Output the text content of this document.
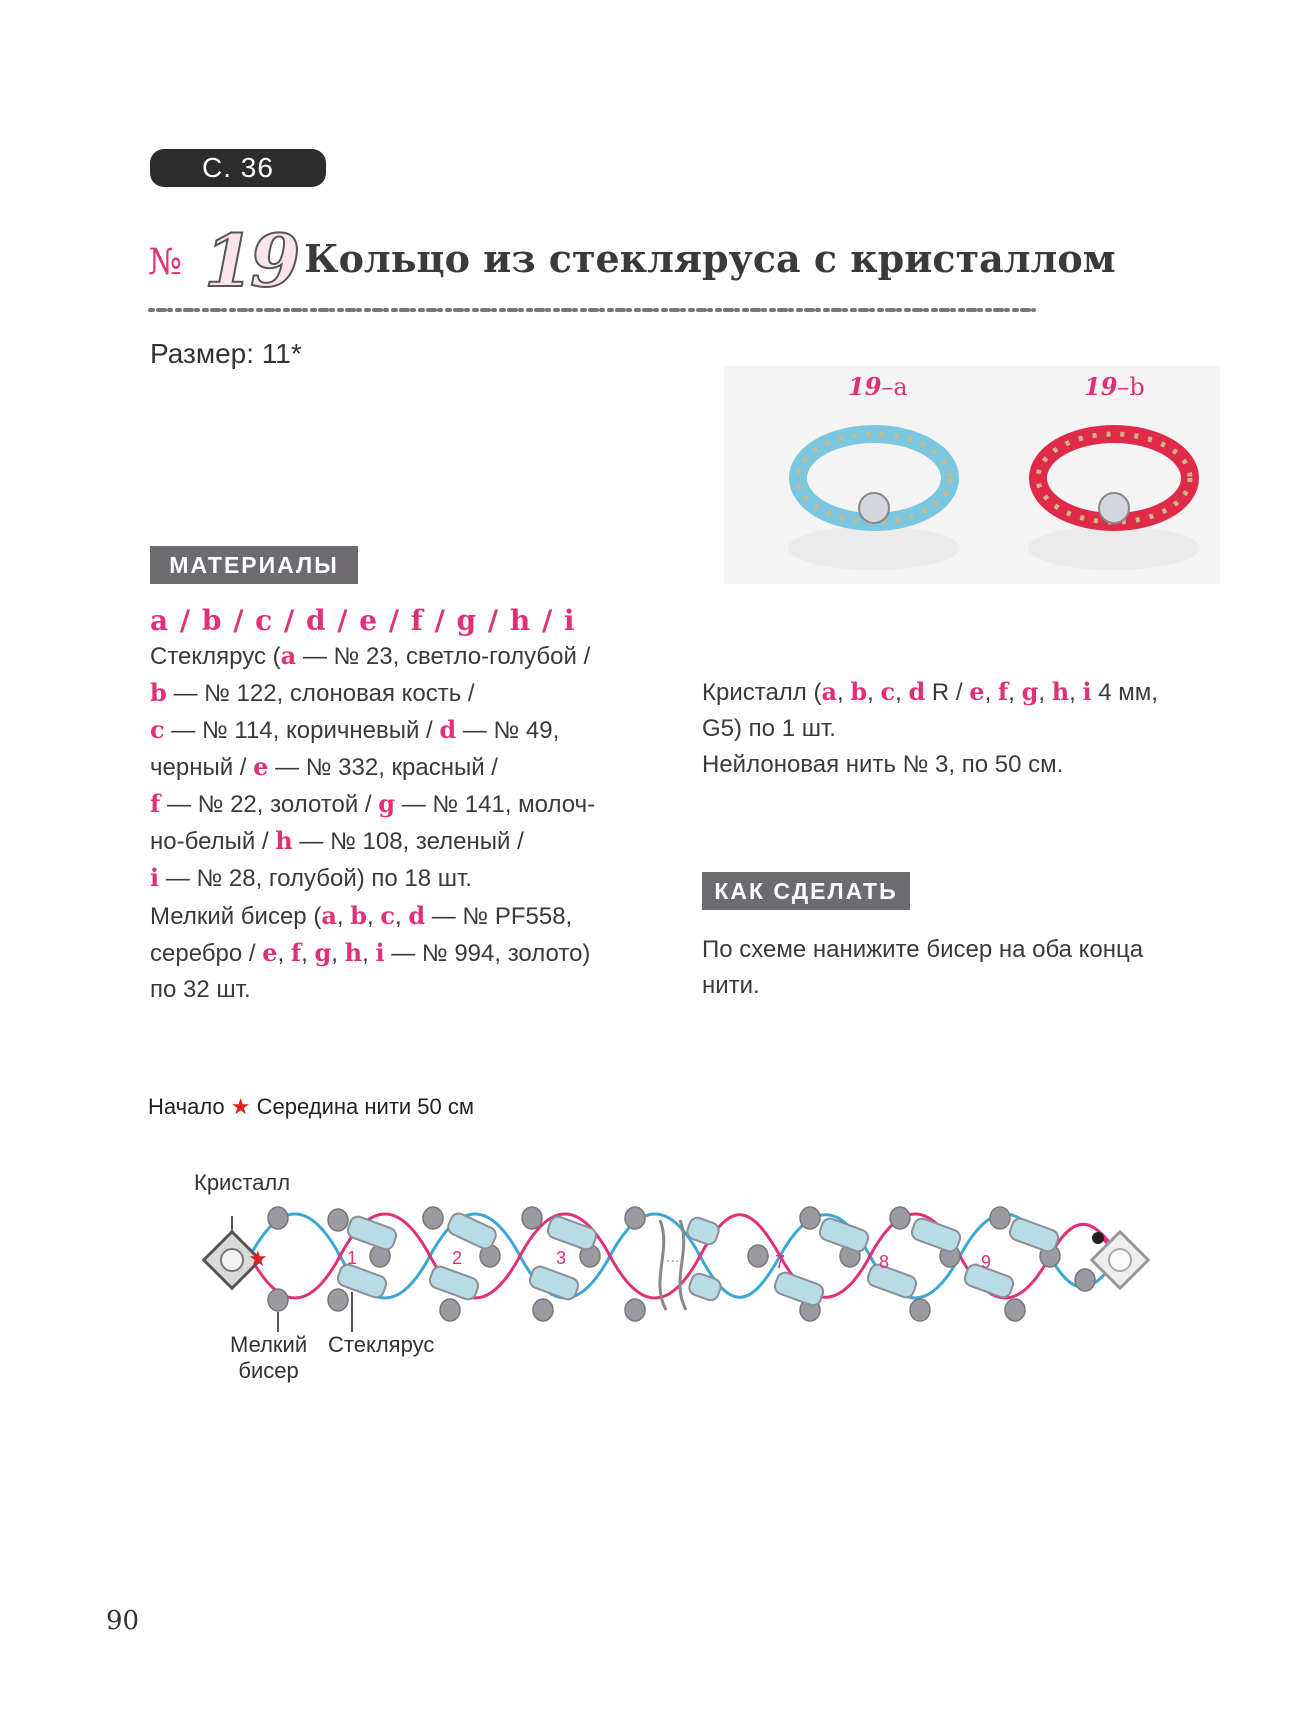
С. 36
№ 19 Кольцо из стекляруса с кристаллом
Размер: 11*
19–a	19–b
МАТЕРИАЛЫ
a / b / c / d / e / f / g / h / i
Стеклярус (a — № 23, светло-голубой /
b — № 122, слоновая кость /
c — № 114, коричневый / d — № 49,
черный / e — № 332, красный /
f — № 22, золотой / g — № 141, молоч-
но-белый / h — № 108, зеленый /
i — № 28, голубой) по 18 шт.
Мелкий бисер (a, b, c, d — № PF558,
серебро / e, f, g, h, i — № 994, золото)
по 32 шт.
Кристалл (a, b, c, d R / e, f, g, h, i 4 мм,
G5) по 1 шт.
Нейлоновая нить № 3, по 50 см.
КАК СДЕЛАТЬ
По схеме нанижите бисер на оба конца
нити.
Начало ★ Середина нити 50 см
★	1	2	3	7	8	9
...
Кристалл
Мелкий
бисер
Стеклярус
90
